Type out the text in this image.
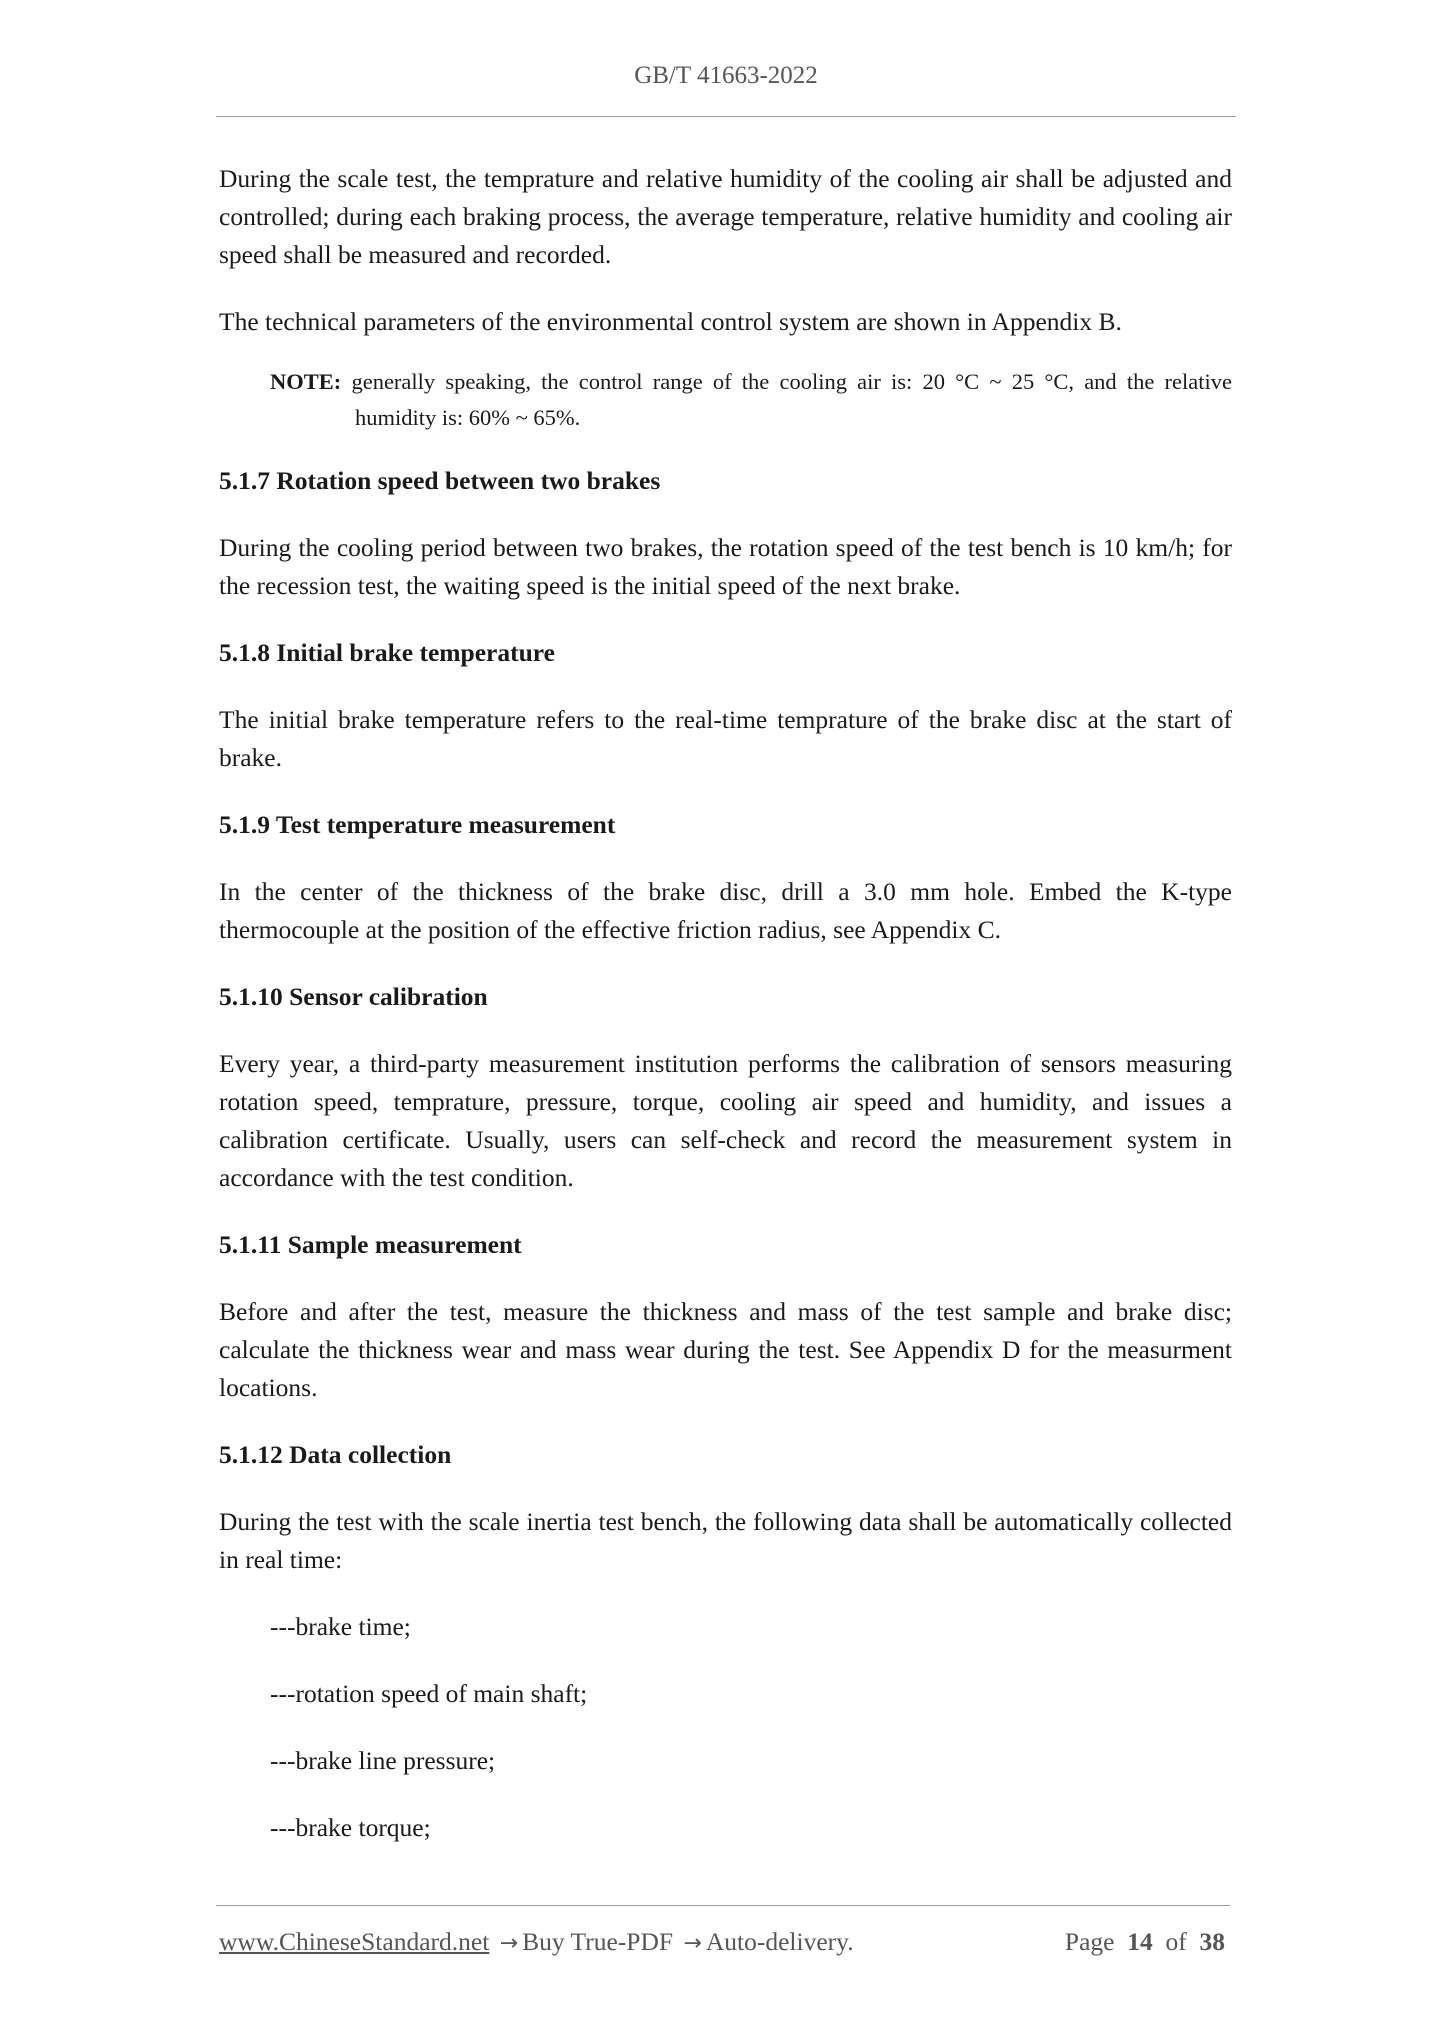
GB/T 41663-2022

During the scale test, the temprature and relative humidity of the cooling air shall be adjusted and controlled; during each braking process, the average temperature, relative humidity and cooling air speed shall be measured and recorded.

The technical parameters of the environmental control system are shown in Appendix B.

NOTE: generally speaking, the control range of the cooling air is: 20 °C ~ 25 °C, and the relative humidity is: 60% ~ 65%.

5.1.7 Rotation speed between two brakes

During the cooling period between two brakes, the rotation speed of the test bench is 10 km/h; for the recession test, the waiting speed is the initial speed of the next brake.

5.1.8 Initial brake temperature

The initial brake temperature refers to the real-time temprature of the brake disc at the start of brake.

5.1.9 Test temperature measurement

In the center of the thickness of the brake disc, drill a 3.0 mm hole. Embed the K-type thermocouple at the position of the effective friction radius, see Appendix C.

5.1.10 Sensor calibration

Every year, a third-party measurement institution performs the calibration of sensors measuring rotation speed, temprature, pressure, torque, cooling air speed and humidity, and issues a calibration certificate. Usually, users can self-check and record the measurement system in accordance with the test condition.

5.1.11 Sample measurement

Before and after the test, measure the thickness and mass of the test sample and brake disc; calculate the thickness wear and mass wear during the test. See Appendix D for the measurment locations.

5.1.12 Data collection

During the test with the scale inertia test bench, the following data shall be automatically collected in real time:

---brake time;
---rotation speed of main shaft;
---brake line pressure;
---brake torque;
www.ChineseStandard.net → Buy True-PDF → Auto-delivery.	Page 14 of 38
